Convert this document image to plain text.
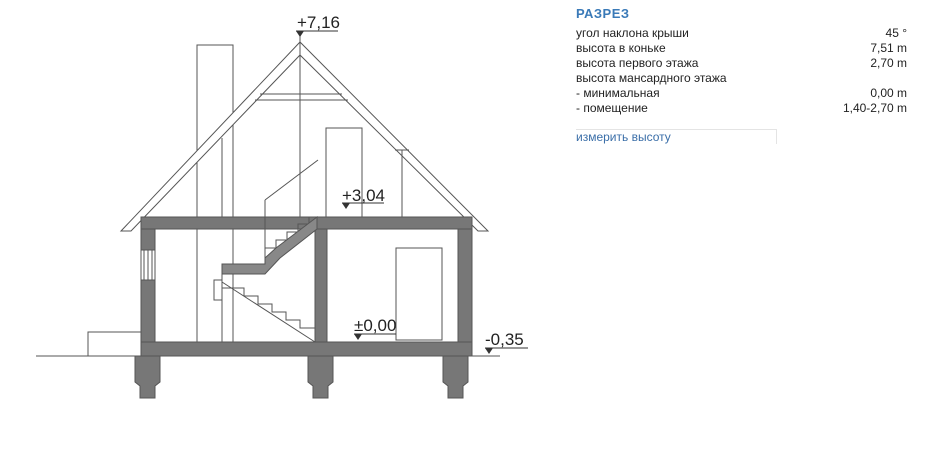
+7,16
+3,04
±0,00
-0,35
РАЗРЕЗ
угол наклона крыши	45 °
высота в коньке	7,51 m
высота первого этажа	2,70 m
высота мансардного этажа
- минимальная	0,00 m
- помещение	1,40-2,70 m
измерить высоту
